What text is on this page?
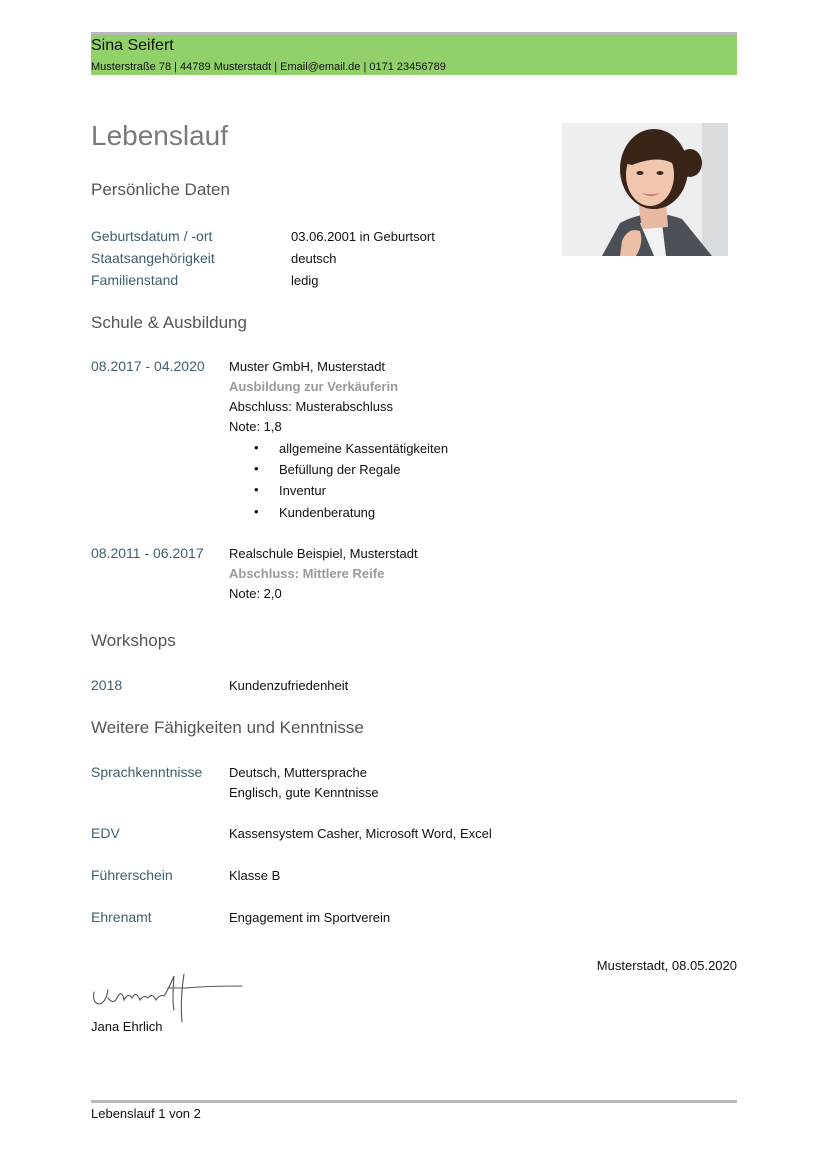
Sina Seifert
Musterstraße 78 | 44789 Musterstadt | Email@email.de | 0171 23456789
Lebenslauf
Persönliche Daten
Geburtsdatum / -ort	03.06.2001 in Geburtsort
Staatsangehörigkeit	deutsch
Familienstand	ledig
Schule & Ausbildung
08.2017 - 04.2020 Muster GmbH, Musterstadt
Ausbildung zur Verkäuferin
Abschluss: Musterabschluss
Note: 1,8
• allgemeine Kassentätigkeiten
• Befüllung der Regale
• Inventur
• Kundenberatung
08.2011 - 06.2017 Realschule Beispiel, Musterstadt
Abschluss: Mittlere Reife
Note: 2,0
Workshops
2018	Kundenzufriedenheit
Weitere Fähigkeiten und Kenntnisse
Sprachkenntnisse Deutsch, Muttersprache
Englisch, gute Kenntnisse
EDV	Kassensystem Casher, Microsoft Word, Excel
Führerschein	Klasse B
Ehrenamt	Engagement im Sportverein
Musterstadt, 08.05.2020
Jana Ehrlich
Lebenslauf 1 von 2
